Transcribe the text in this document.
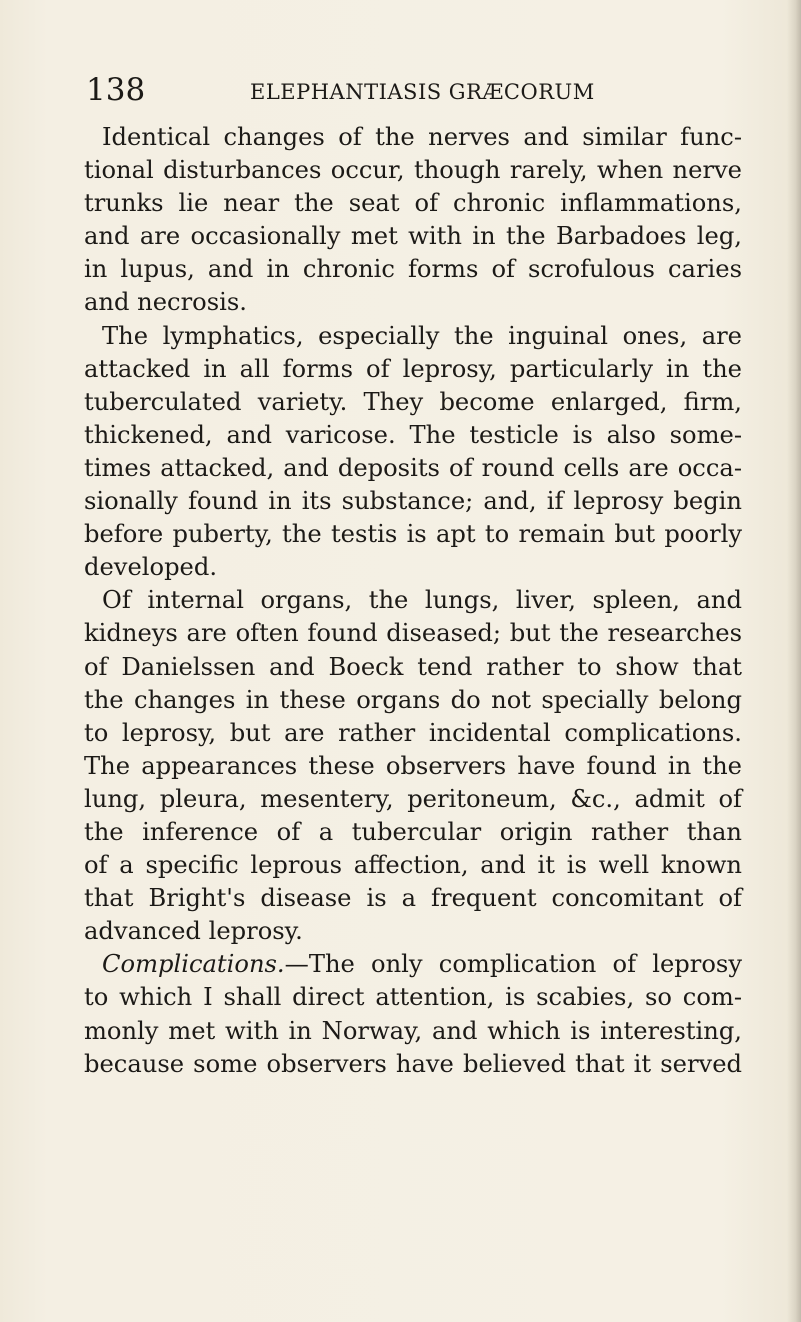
138	ELEPHANTIASIS GRÆCORUM
Identical changes of the nerves and similar func-
tional disturbances occur, though rarely, when nerve
trunks lie near the seat of chronic inflammations,
and are occasionally met with in the Barbadoes leg,
in lupus, and in chronic forms of scrofulous caries
and necrosis.
The lymphatics, especially the inguinal ones, are
attacked in all forms of leprosy, particularly in the
tuberculated variety. They become enlarged, firm,
thickened, and varicose. The testicle is also some-
times attacked, and deposits of round cells are occa-
sionally found in its substance; and, if leprosy begin
before puberty, the testis is apt to remain but poorly
developed.
Of internal organs, the lungs, liver, spleen, and
kidneys are often found diseased; but the researches
of Danielssen and Boeck tend rather to show that
the changes in these organs do not specially belong
to leprosy, but are rather incidental complications.
The appearances these observers have found in the
lung, pleura, mesentery, peritoneum, &c., admit of
the inference of a tubercular origin rather than
of a specific leprous affection, and it is well known
that Bright's disease is a frequent concomitant of
advanced leprosy.
Complications.—The only complication of leprosy
to which I shall direct attention, is scabies, so com-
monly met with in Norway, and which is interesting,
because some observers have believed that it served
